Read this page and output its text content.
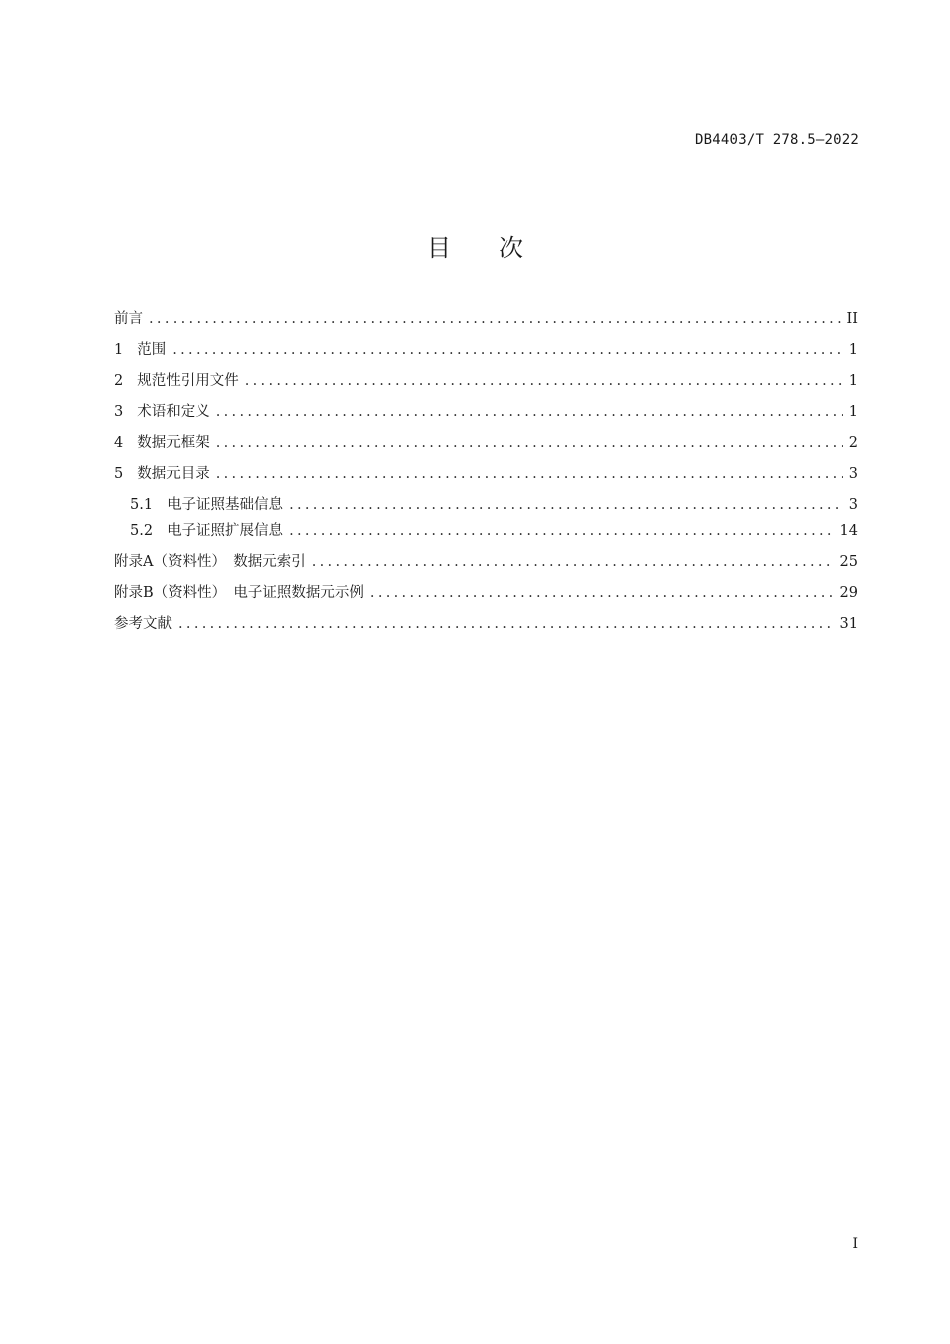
DB4403/T 278.5—2022
目 次
前言 .....	II
1 范围 .....	1
2 规范性引用文件 .....	1
3 术语和定义 .....	1
4 数据元框架 .....	2
5 数据元目录 .....	3
5.1 电子证照基础信息 .....	3
5.2 电子证照扩展信息 .....	14
附录A（资料性）　数据元索引 .....	25
附录B（资料性）　电子证照数据元示例 .....	29
参考文献 .....	31
I
